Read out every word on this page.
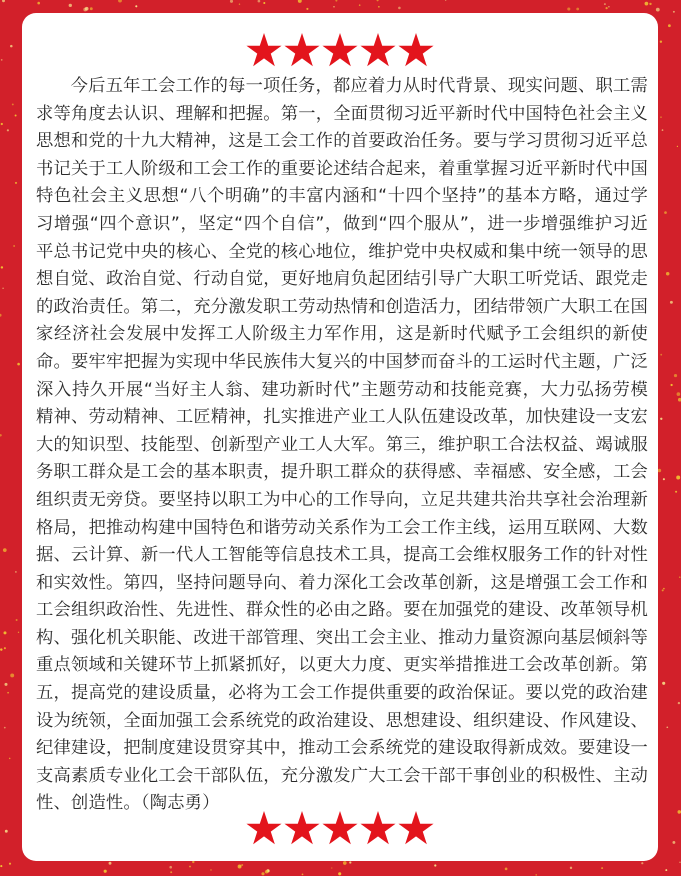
今后五年工会工作的每一项任务，都应着力从时代背景、现实问题、职工需求等角度去认识、理解和把握。第一，全面贯彻习近平新时代中国特色社会主义思想和党的十九大精神，这是工会工作的首要政治任务。要与学习贯彻习近平总书记关于工人阶级和工会工作的重要论述结合起来，着重掌握习近平新时代中国特色社会主义思想“八个明确”的丰富内涵和“十四个坚持”的基本方略，通过学习增强“四个意识”，坚定“四个自信”，做到“四个服从”，进一步增强维护习近平总书记党中央的核心、全党的核心地位，维护党中央权威和集中统一领导的思想自觉、政治自觉、行动自觉，更好地肩负起团结引导广大职工听党话、跟党走的政治责任。第二，充分激发职工劳动热情和创造活力，团结带领广大职工在国家经济社会发展中发挥工人阶级主力军作用，这是新时代赋予工会组织的新使命。要牢牢把握为实现中华民族伟大复兴的中国梦而奋斗的工运时代主题，广泛深入持久开展“当好主人翁、建功新时代”主题劳动和技能竞赛，大力弘扬劳模精神、劳动精神、工匠精神，扎实推进产业工人队伍建设改革，加快建设一支宏大的知识型、技能型、创新型产业工人大军。第三，维护职工合法权益、竭诚服务职工群众是工会的基本职责，提升职工群众的获得感、幸福感、安全感，工会组织责无旁贷。要坚持以职工为中心的工作导向，立足共建共治共享社会治理新格局，把推动构建中国特色和谐劳动关系作为工会工作主线，运用互联网、大数据、云计算、新一代人工智能等信息技术工具，提高工会维权服务工作的针对性和实效性。第四，坚持问题导向、着力深化工会改革创新，这是增强工会工作和工会组织政治性、先进性、群众性的必由之路。要在加强党的建设、改革领导机构、强化机关职能、改进干部管理、突出工会主业、推动力量资源向基层倾斜等重点领域和关键环节上抓紧抓好，以更大力度、更实举措推进工会改革创新。第五，提高党的建设质量，必将为工会工作提供重要的政治保证。要以党的政治建设为统领，全面加强工会系统党的政治建设、思想建设、组织建设、作风建设、纪律建设，把制度建设贯穿其中，推动工会系统党的建设取得新成效。要建设一支高素质专业化工会干部队伍，充分激发广大工会干部干事创业的积极性、主动性、创造性。（陶志勇）
